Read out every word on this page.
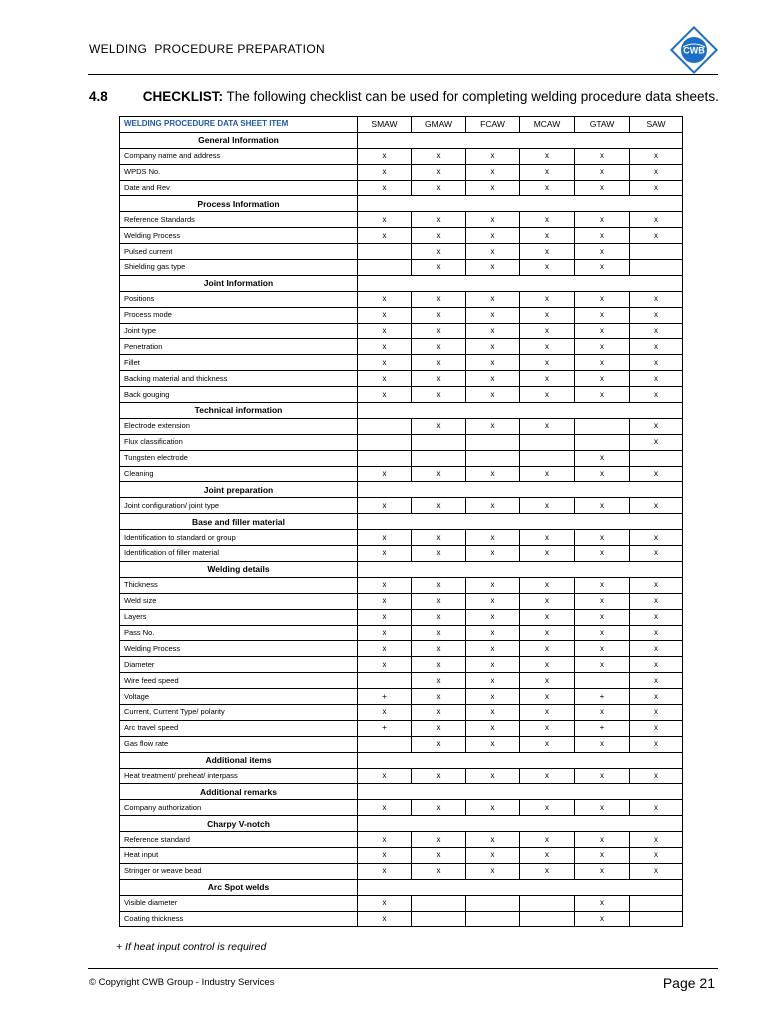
WELDING  PROCEDURE PREPARATION	CWB
4.8	CHECKLIST: The following checklist can be used for completing welding procedure data sheets.
WELDING PROCEDURE DATA SHEET ITEM	SMAW	GMAW	FCAW	MCAW	GTAW	SAW
General Information						
Company name and address	x	x	x	x	x	x
WPDS No.	x	x	x	x	x	x
Date and Rev	x	x	x	x	x	x
Process Information						
Reference Standards	x	x	x	x	x	x
Welding Process	x	x	x	x	x	x
Pulsed current		x	x	x	x	
Shielding gas type		x	x	x	x	
Joint Information						
Positions	x	x	x	x	x	x
Process mode	x	x	x	x	x	x
Joint type	x	x	x	x	x	x
Penetration	x	x	x	x	x	x
Fillet	x	x	x	x	x	x
Backing material and thickness	x	x	x	x	x	x
Back gouging	x	x	x	x	x	x
Technical information						
Electrode extension		x	x	x		x
Flux classification						x
Tungsten electrode					x	
Cleaning	x	x	x	x	x	x
Joint preparation						
Joint configuration/ joint type	x	x	x	x	x	x
Base and filler material						
Identification to standard or group	x	x	x	x	x	x
Identification of filler material	x	x	x	x	x	x
Welding details						
Thickness	x	x	x	x	x	x
Weld size	x	x	x	x	x	x
Layers	x	x	x	x	x	x
Pass No.	x	x	x	x	x	x
Welding Process	x	x	x	x	x	x
Diameter	x	x	x	x	x	x
Wire feed speed		x	x	x		x
Voltage	+	x	x	x	+	x
Current, Current Type/ polarity	x	x	x	x	x	x
Arc travel speed	+	x	x	x	+	x
Gas flow rate		x	x	x	x	x
Additional items						
Heat treatment/ preheat/ interpass	x	x	x	x	x	x
Additional remarks						
Company authorization	x	x	x	x	x	x
Charpy V-notch						
Reference standard	x	x	x	x	x	x
Heat input	x	x	x	x	x	x
Stringer or weave bead	x	x	x	x	x	x
Arc Spot welds						
Visible diameter	x				x	
Coating thickness	x				x	
+ If heat input control is required
© Copyright CWB Group - Industry Services	Page 21
